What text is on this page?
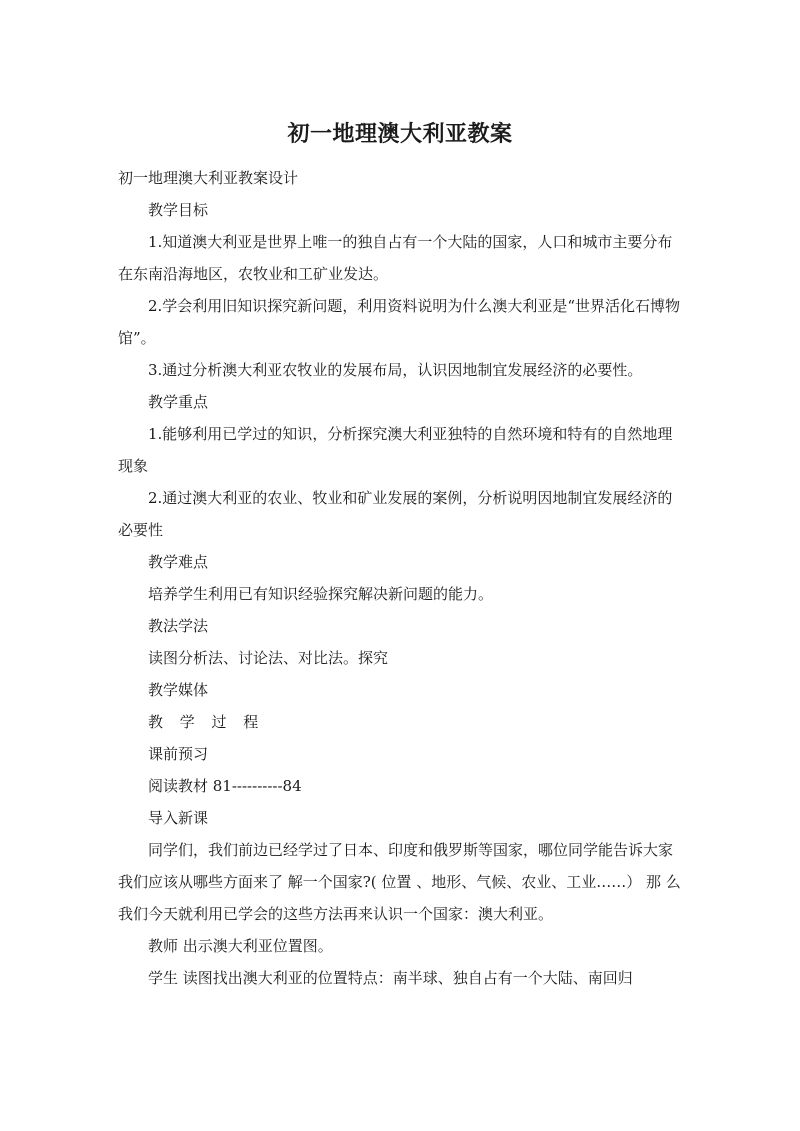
初一地理澳大利亚教案

初一地理澳大利亚教案设计

教学目标

1.知道澳大利亚是世界上唯一的独自占有一个大陆的国家，人口和城市主要分布在东南沿海地区，农牧业和工矿业发达。

2.学会利用旧知识探究新问题，利用资料说明为什么澳大利亚是“世界活化石博物馆”。

3.通过分析澳大利亚农牧业的发展布局，认识因地制宜发展经济的必要性。

教学重点

1.能够利用已学过的知识，分析探究澳大利亚独特的自然环境和特有的自然地理现象

2.通过澳大利亚的农业、牧业和矿业发展的案例，分析说明因地制宜发展经济的必要性

教学难点

培养学生利用已有知识经验探究解决新问题的能力。

教法学法

读图分析法、讨论法、对比法。探究

教学媒体

教 学 过 程

课前预习

阅读教材 81----------84

导入新课

同学们，我们前边已经学过了日本、印度和俄罗斯等国家，哪位同学能告诉大家我们应该从哪些方面来了 解一个国家?( 位置 、地形、气候、农业、工业……） 那 么我们今天就利用已学会的这些方法再来认识一个国家：澳大利亚。

教师 出示澳大利亚位置图。

学生 读图找出澳大利亚的位置特点：南半球、独自占有一个大陆、南回归
